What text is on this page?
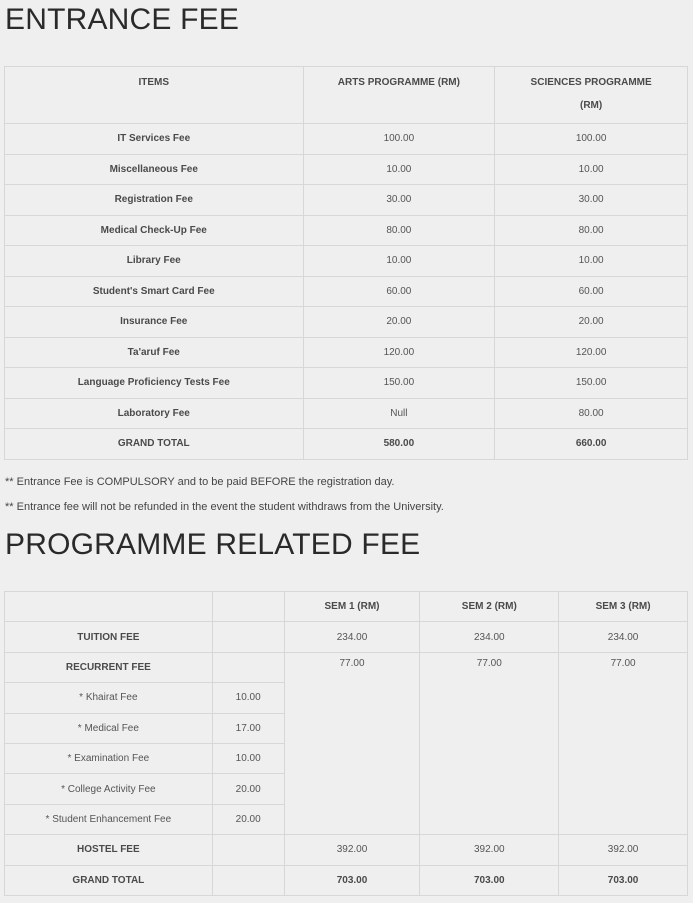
ENTRANCE FEE
ITEMS	ARTS PROGRAMME (RM)	SCIENCES PROGRAMME
(RM)
IT Services Fee	100.00	100.00
Miscellaneous Fee	10.00	10.00
Registration Fee	30.00	30.00
Medical Check-Up Fee	80.00	80.00
Library Fee	10.00	10.00
Student's Smart Card Fee	60.00	60.00
Insurance Fee	20.00	20.00
Ta'aruf Fee	120.00	120.00
Language Proficiency Tests Fee	150.00	150.00
Laboratory Fee	Null	80.00
GRAND TOTAL	580.00	660.00
** Entrance Fee is COMPULSORY and to be paid BEFORE the registration day.
** Entrance fee will not be refunded in the event the student withdraws from the University.
PROGRAMME RELATED FEE
		SEM 1 (RM)	SEM 2 (RM)	SEM 3 (RM)
TUITION FEE		234.00	234.00	234.00
RECURRENT FEE		77.00	77.00	77.00
* Khairat Fee	10.00			
* Medical Fee	17.00			
* Examination Fee	10.00			
* College Activity Fee	20.00			
* Student Enhancement Fee	20.00			
HOSTEL FEE		392.00	392.00	392.00
GRAND TOTAL		703.00	703.00	703.00
